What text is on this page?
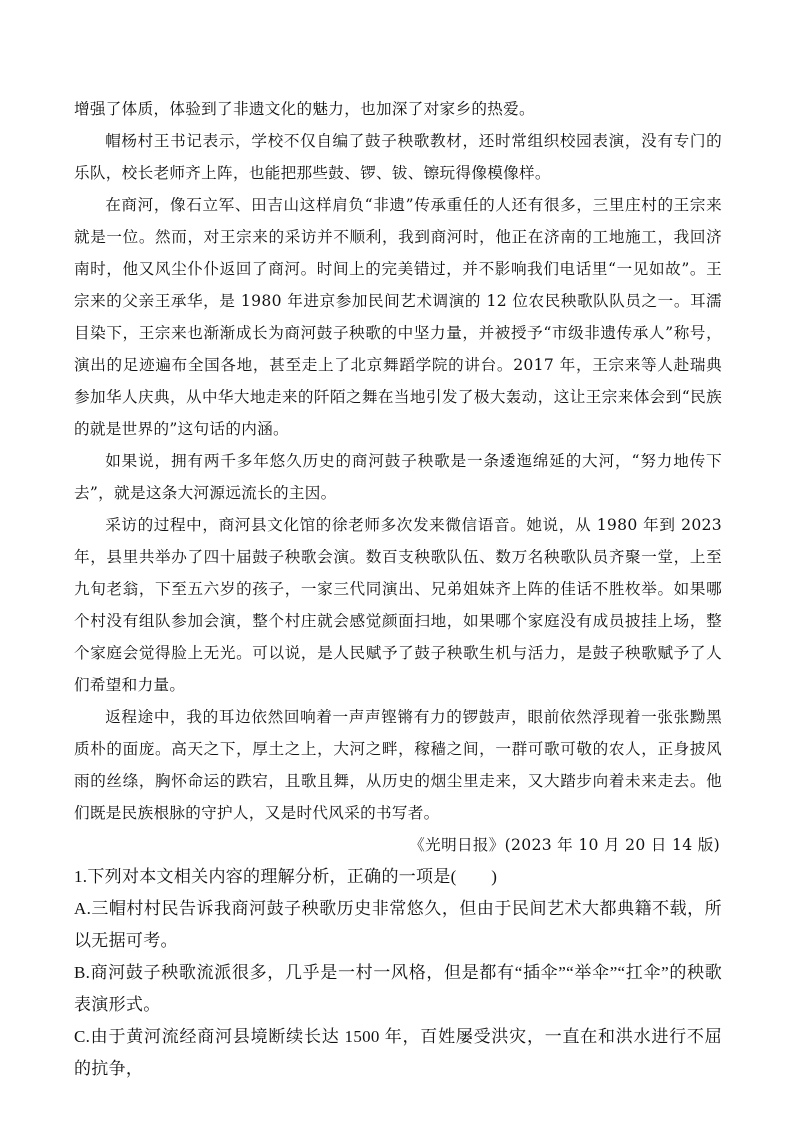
增强了体质，体验到了非遗文化的魅力，也加深了对家乡的热爱。

帽杨村王书记表示，学校不仅自编了鼓子秧歌教材，还时常组织校园表演，没有专门的乐队，校长老师齐上阵，也能把那些鼓、锣、钹、镲玩得像模像样。

在商河，像石立军、田吉山这样肩负“非遗”传承重任的人还有很多，三里庄村的王宗来就是一位。然而，对王宗来的采访并不顺利，我到商河时，他正在济南的工地施工，我回济南时，他又风尘仆仆返回了商河。时间上的完美错过，并不影响我们电话里“一见如故”。王宗来的父亲王承华，是 1980 年进京参加民间艺术调演的 12 位农民秧歌队队员之一。耳濡目染下，王宗来也渐渐成长为商河鼓子秧歌的中坚力量，并被授予“市级非遗传承人”称号，演出的足迹遍布全国各地，甚至走上了北京舞蹈学院的讲台。2017 年，王宗来等人赴瑞典参加华人庆典，从中华大地走来的阡陌之舞在当地引发了极大轰动，这让王宗来体会到“民族的就是世界的”这句话的内涵。

如果说，拥有两千多年悠久历史的商河鼓子秧歌是一条逶迤绵延的大河，“努力地传下去”，就是这条大河源远流长的主因。

采访的过程中，商河县文化馆的徐老师多次发来微信语音。她说，从 1980 年到 2023 年，县里共举办了四十届鼓子秧歌会演。数百支秧歌队伍、数万名秧歌队员齐聚一堂，上至九旬老翁，下至五六岁的孩子，一家三代同演出、兄弟姐妹齐上阵的佳话不胜枚举。如果哪个村没有组队参加会演，整个村庄就会感觉颜面扫地，如果哪个家庭没有成员披挂上场，整个家庭会觉得脸上无光。可以说，是人民赋予了鼓子秧歌生机与活力，是鼓子秧歌赋予了人们希望和力量。

返程途中，我的耳边依然回响着一声声铿锵有力的锣鼓声，眼前依然浮现着一张张黝黑质朴的面庞。高天之下，厚土之上，大河之畔，稼穑之间，一群可歌可敬的农人，正身披风雨的丝绦，胸怀命运的跌宕，且歌且舞，从历史的烟尘里走来，又大踏步向着未来走去。他们既是民族根脉的守护人，又是时代风采的书写者。

《光明日报》(2023 年 10 月 20 日 14 版)

1.下列对本文相关内容的理解分析，正确的一项是(　　)

A.三帽村村民告诉我商河鼓子秧歌历史非常悠久，但由于民间艺术大都典籍不载，所以无据可考。

B.商河鼓子秧歌流派很多，几乎是一村一风格，但是都有“插伞”“举伞”“扛伞”的秧歌表演形式。

C.由于黄河流经商河县境断续长达 1500 年，百姓屡受洪灾，一直在和洪水进行不屈的抗争，
